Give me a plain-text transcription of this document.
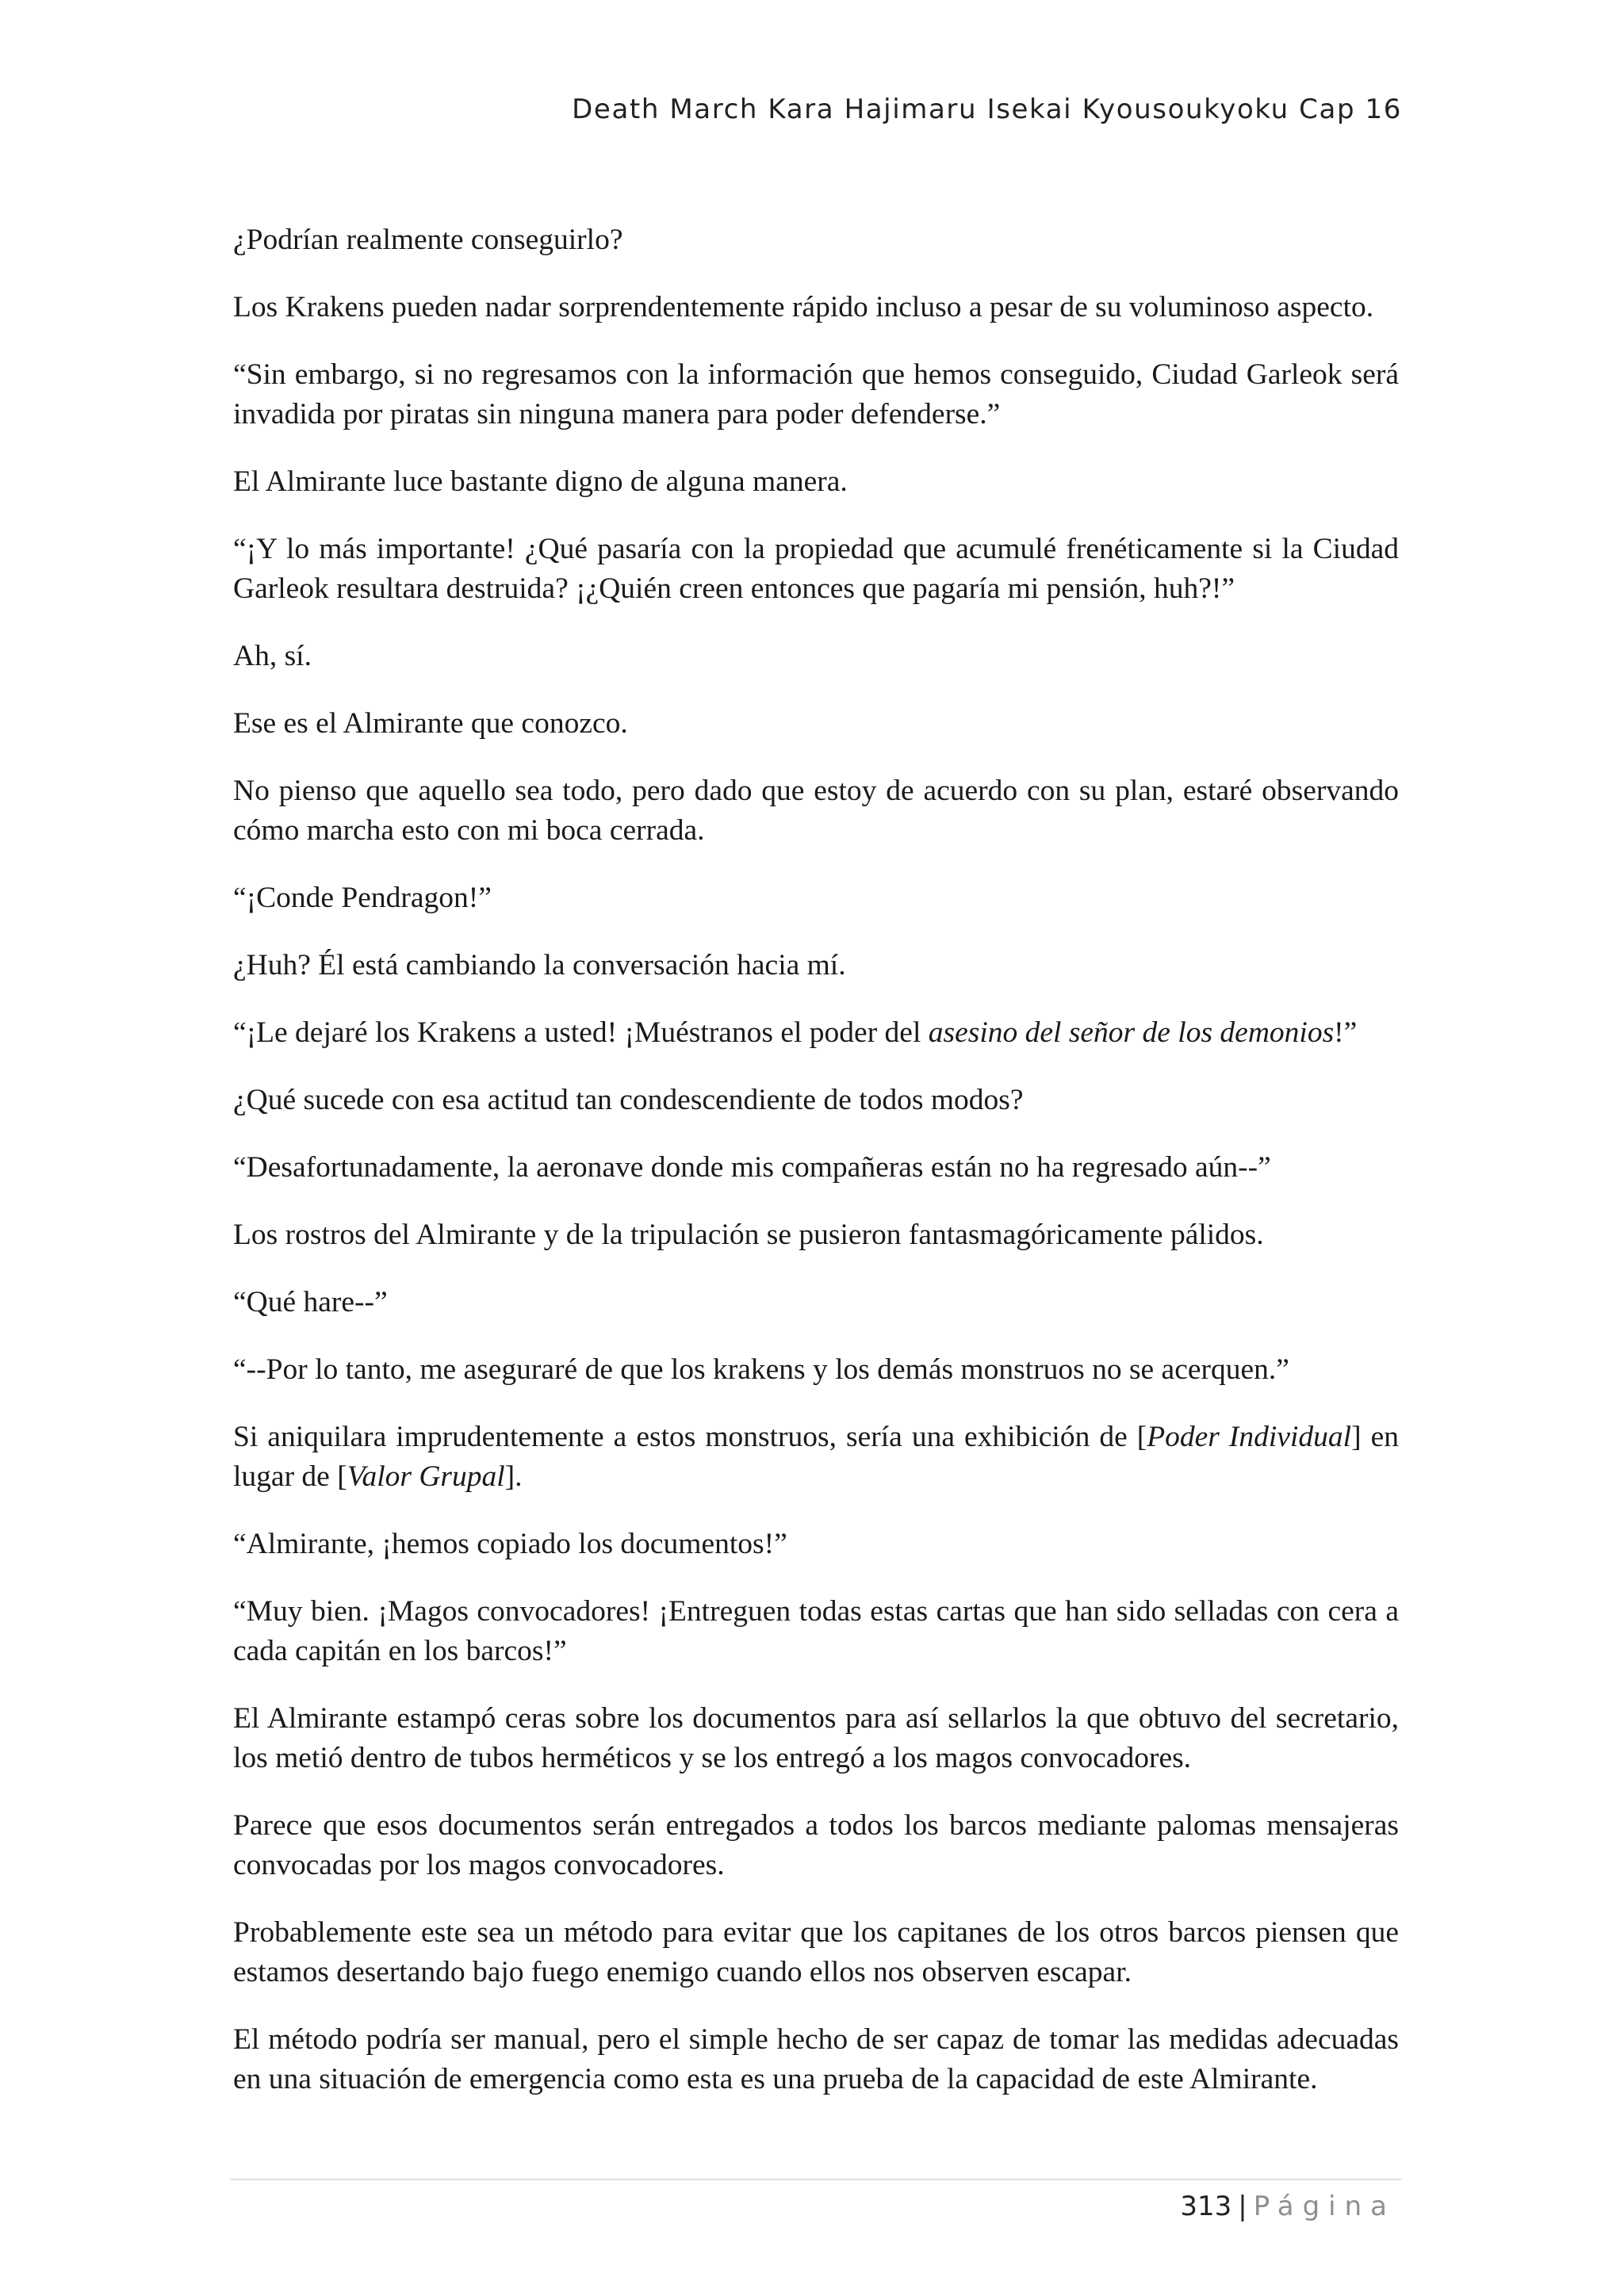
Death March Kara Hajimaru Isekai Kyousoukyoku Cap 16

¿Podrían realmente conseguirlo?

Los Krakens pueden nadar sorprendentemente rápido incluso a pesar de su voluminoso aspecto.

“Sin embargo, si no regresamos con la información que hemos conseguido, Ciudad Garleok será invadida por piratas sin ninguna manera para poder defenderse.”

El Almirante luce bastante digno de alguna manera.

“¡Y lo más importante! ¿Qué pasaría con la propiedad que acumulé frenéticamente si la Ciudad Garleok resultara destruida? ¡¿Quién creen entonces que pagaría mi pensión, huh?!”

Ah, sí.

Ese es el Almirante que conozco.

No pienso que aquello sea todo, pero dado que estoy de acuerdo con su plan, estaré observando cómo marcha esto con mi boca cerrada.

“¡Conde Pendragon!”

¿Huh? Él está cambiando la conversación hacia mí.

“¡Le dejaré los Krakens a usted! ¡Muéstranos el poder del asesino del señor de los demonios!”

¿Qué sucede con esa actitud tan condescendiente de todos modos?

“Desafortunadamente, la aeronave donde mis compañeras están no ha regresado aún--”

Los rostros del Almirante y de la tripulación se pusieron fantasmagóricamente pálidos.

“Qué hare--”

“--Por lo tanto, me aseguraré de que los krakens y los demás monstruos no se acerquen.”

Si aniquilara imprudentemente a estos monstruos, sería una exhibición de [Poder Individual] en lugar de [Valor Grupal].

“Almirante, ¡hemos copiado los documentos!”

“Muy bien. ¡Magos convocadores! ¡Entreguen todas estas cartas que han sido selladas con cera a cada capitán en los barcos!”

El Almirante estampó ceras sobre los documentos para así sellarlos la que obtuvo del secretario, los metió dentro de tubos herméticos y se los entregó a los magos convocadores.

Parece que esos documentos serán entregados a todos los barcos mediante palomas mensajeras convocadas por los magos convocadores.

Probablemente este sea un método para evitar que los capitanes de los otros barcos piensen que estamos desertando bajo fuego enemigo cuando ellos nos observen escapar.

El método podría ser manual, pero el simple hecho de ser capaz de tomar las medidas adecuadas en una situación de emergencia como esta es una prueba de la capacidad de este Almirante.

313 | Página
